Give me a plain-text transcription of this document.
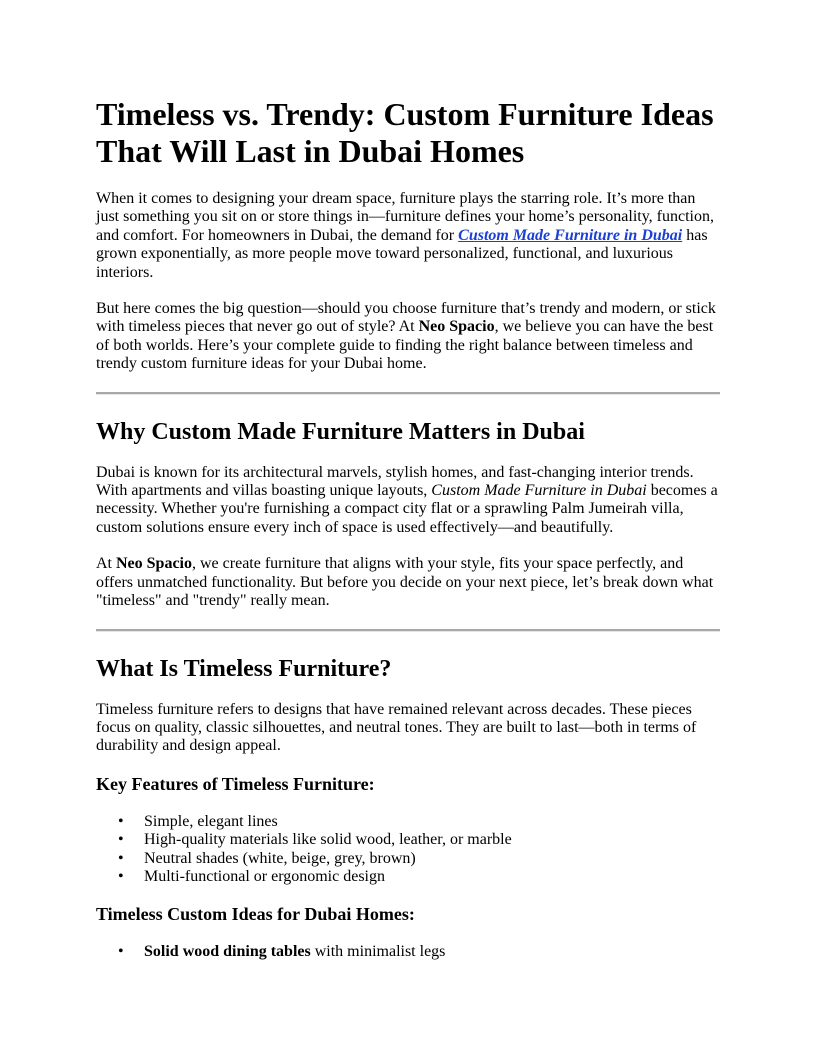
Timeless vs. Trendy: Custom Furniture Ideas That Will Last in Dubai Homes

When it comes to designing your dream space, furniture plays the starring role. It’s more than just something you sit on or store things in—furniture defines your home’s personality, function, and comfort. For homeowners in Dubai, the demand for Custom Made Furniture in Dubai has grown exponentially, as more people move toward personalized, functional, and luxurious interiors.

But here comes the big question—should you choose furniture that’s trendy and modern, or stick with timeless pieces that never go out of style? At Neo Spacio, we believe you can have the best of both worlds. Here’s your complete guide to finding the right balance between timeless and trendy custom furniture ideas for your Dubai home.

Why Custom Made Furniture Matters in Dubai

Dubai is known for its architectural marvels, stylish homes, and fast-changing interior trends. With apartments and villas boasting unique layouts, Custom Made Furniture in Dubai becomes a necessity. Whether you're furnishing a compact city flat or a sprawling Palm Jumeirah villa, custom solutions ensure every inch of space is used effectively—and beautifully.

At Neo Spacio, we create furniture that aligns with your style, fits your space perfectly, and offers unmatched functionality. But before you decide on your next piece, let’s break down what "timeless" and "trendy" really mean.

What Is Timeless Furniture?

Timeless furniture refers to designs that have remained relevant across decades. These pieces focus on quality, classic silhouettes, and neutral tones. They are built to last—both in terms of durability and design appeal.

Key Features of Timeless Furniture:
• Simple, elegant lines
• High-quality materials like solid wood, leather, or marble
• Neutral shades (white, beige, grey, brown)
• Multi-functional or ergonomic design
Timeless Custom Ideas for Dubai Homes:
• Solid wood dining tables with minimalist legs
